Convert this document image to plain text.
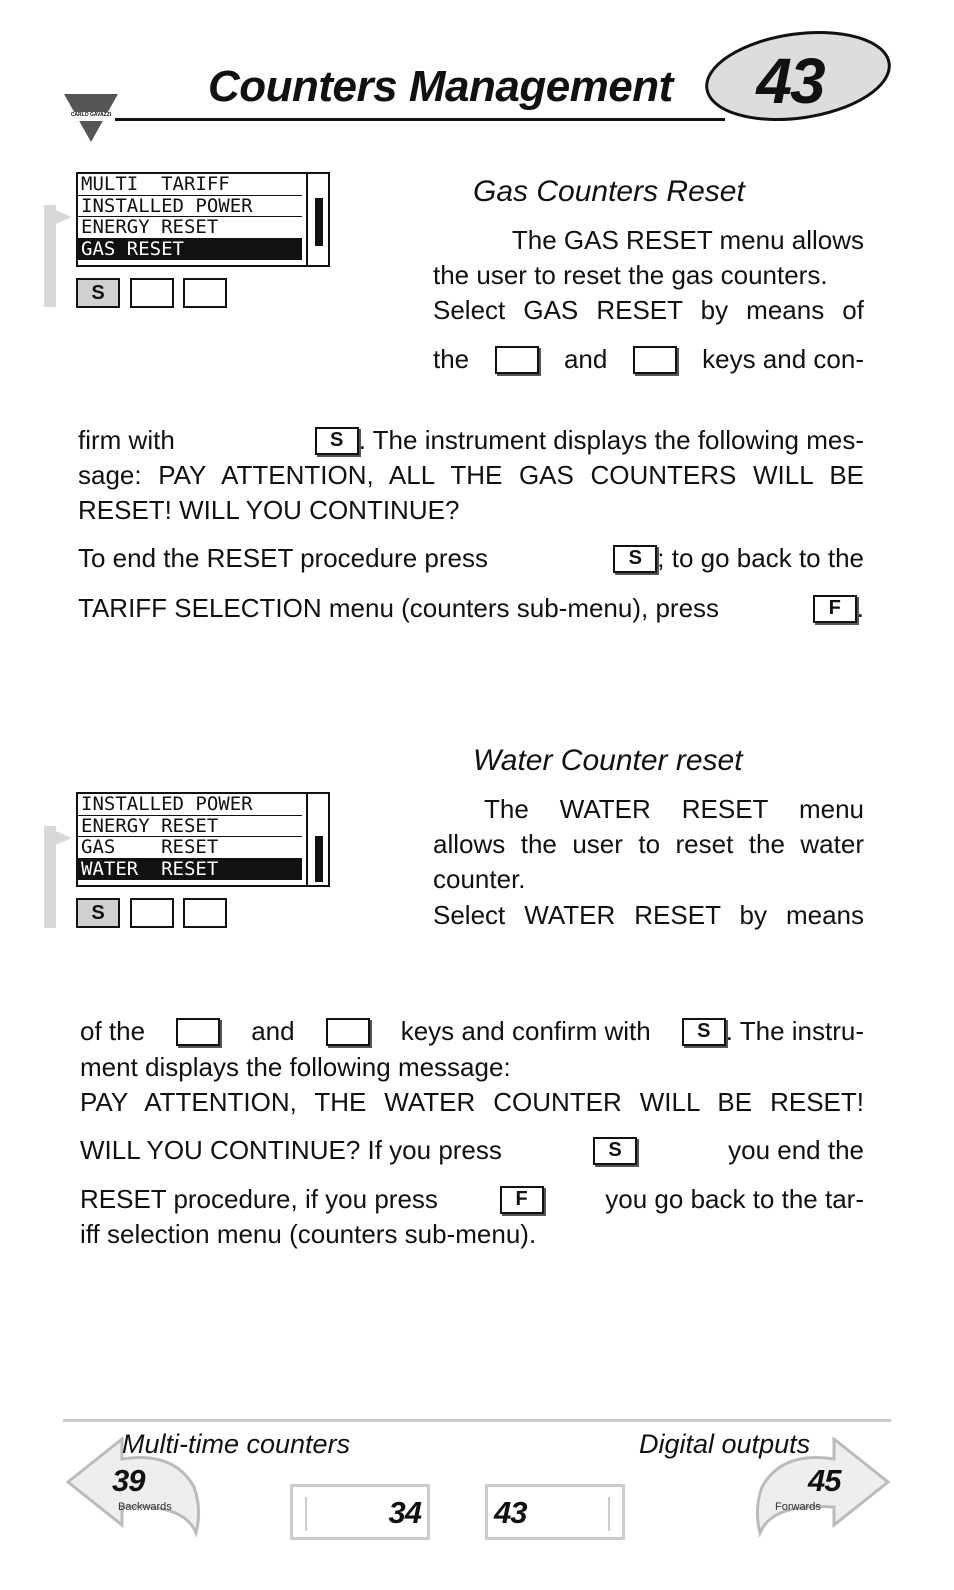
CARLO GAVAZZI
Counters Management 43
MULTI  TARIFF
INSTALLED POWER
ENERGY RESET
GAS RESET
S
Gas Counters Reset
The GAS RESET menu allows
the user to reset the gas counters.
Select GAS RESET by means of
the	and	keys and con-
firm with	S . The instrument displays the following mes-
sage: PAY ATTENTION, ALL THE GAS COUNTERS WILL BE
RESET! WILL YOU CONTINUE?
To end the RESET procedure press	S ; to go back to the
TARIFF SELECTION menu (counters sub-menu), press	F .
INSTALLED POWER
ENERGY RESET
GAS    RESET
WATER  RESET
S
Water Counter reset
The WATER RESET menu
allows the user to reset the water
counter.
Select WATER RESET by means
of the	and	keys and confirm with	S . The instru-
ment displays the following message:
PAY ATTENTION, THE WATER COUNTER WILL BE RESET!
WILL YOU CONTINUE? If you press	S	you end the
RESET procedure, if you press	F	you go back to the tar-
iff selection menu (counters sub-menu).
Multi-time counters
39
Backwards
Digital outputs
45
Forwards
34 43
